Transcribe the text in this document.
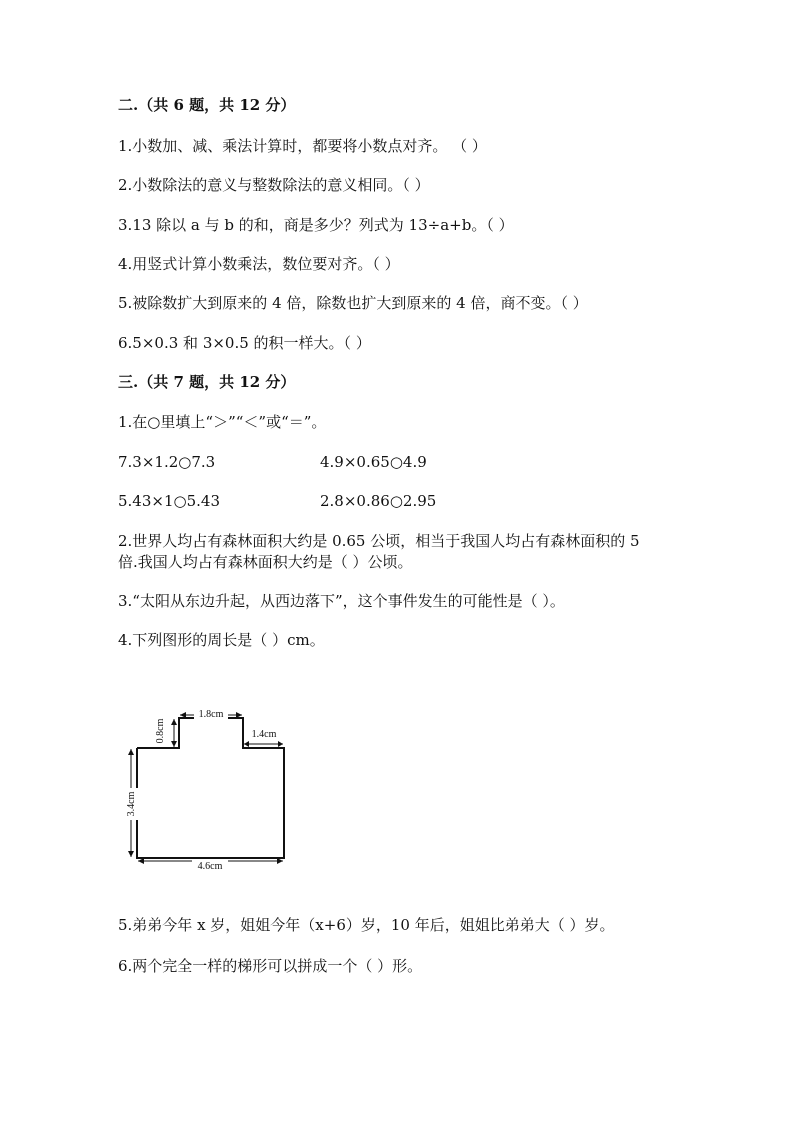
二.（共 6 题，共 12 分）
1.小数加、减、乘法计算时，都要将小数点对齐。 （ ）
2.小数除法的意义与整数除法的意义相同。（ ）
3.13 除以 a 与 b 的和，商是多少？列式为 13÷a+b。（ ）
4.用竖式计算小数乘法，数位要对齐。（ ）
5.被除数扩大到原来的 4 倍，除数也扩大到原来的 4 倍，商不变。（ ）
6.5×0.3 和 3×0.5 的积一样大。（ ）
三.（共 7 题，共 12 分）
1.在○里填上“＞”“＜”或“＝”。
7.3×1.2○7.3	4.9×0.65○4.9
5.43×1○5.43	2.8×0.86○2.95
2.世界人均占有森林面积大约是 0.65 公顷，相当于我国人均占有森林面积的 5
倍.我国人均占有森林面积大约是（ ）公顷。
3.“太阳从东边升起，从西边落下”，这个事件发生的可能性是（ ）。
4.下列图形的周长是（ ）cm。
1.8cm
0.8cm	1.4cm
3.4cm
4.6cm
5.弟弟今年 x 岁，姐姐今年（x+6）岁，10 年后，姐姐比弟弟大（ ）岁。
6.两个完全一样的梯形可以拼成一个（ ）形。
